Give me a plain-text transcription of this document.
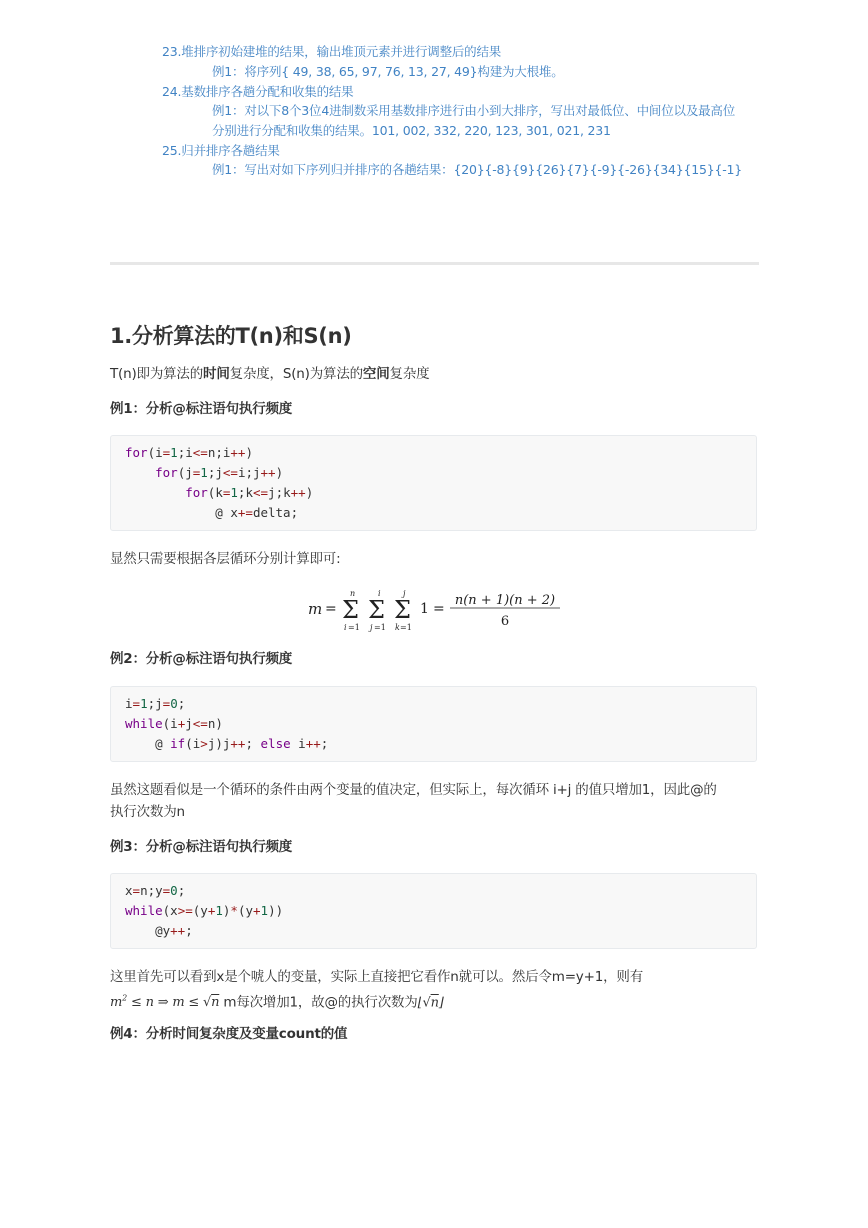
23.堆排序初始建堆的结果，输出堆顶元素并进行调整后的结果
例1：将序列{ 49, 38, 65, 97, 76, 13, 27, 49}构建为大根堆。
24.基数排序各趟分配和收集的结果
例1：对以下8个3位4进制数采用基数排序进行由小到大排序，写出对最低位、中间位以及最高位
分别进行分配和收集的结果。101, 002, 332, 220, 123, 301, 021, 231
25.归并排序各趟结果
例1：写出对如下序列归并排序的各趟结果：{20}{-8}{9}{26}{7}{-9}{-26}{34}{15}{-1}
1.分析算法的T(n)和S(n)
T(n)即为算法的时间复杂度，S(n)为算法的空间复杂度
例1：分析@标注语句执行频度
for(i=1;i<=n;i++)
for(j=1;j<=i;j++)
for(k=1;k<=j;k++)
@ x+=delta;
显然只需要根据各层循环分别计算即可:
m = Σ
n
i =1
Σ
i
j =1
Σ
j
k =1
1 =
n(n + 1)(n + 2)
6
例2：分析@标注语句执行频度
i=1;j=0;
while(i+j<=n)
@ if(i>j)j++; else i++;
虽然这题看似是一个循环的条件由两个变量的值决定，但实际上，每次循环 i+j 的值只增加1，因此@的
执行次数为n
例3：分析@标注语句执行频度
x=n;y=0;
while(x>=(y+1)*(y+1))
@y++;
这里首先可以看到x是个唬人的变量，实际上直接把它看作n就可以。然后令m=y+1，则有
$m^2 \le n$ ⇒ m ≤ √n m每次增加1，故@的执行次数为⌊√n⌋
例4：分析时间复杂度及变量count的值
